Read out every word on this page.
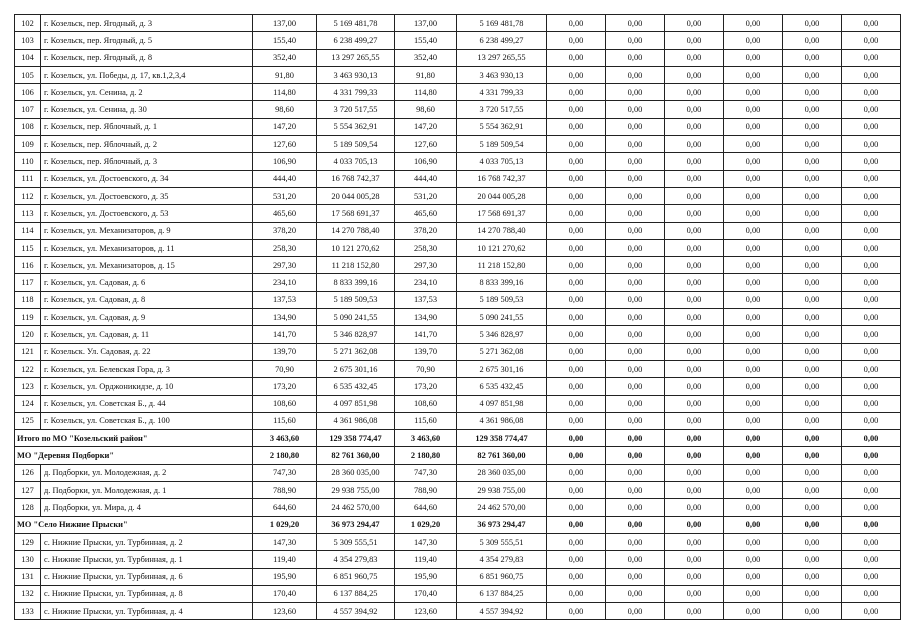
102	г. Козельск, пер. Ягодный, д. 3	137,00	5 169 481,78	137,00	5 169 481,78	0,00	0,00	0,00	0,00	0,00	0,00
103	г. Козельск, пер. Ягодный, д. 5	155,40	6 238 499,27	155,40	6 238 499,27	0,00	0,00	0,00	0,00	0,00	0,00
104	г. Козельск, пер. Ягодный, д. 8	352,40	13 297 265,55	352,40	13 297 265,55	0,00	0,00	0,00	0,00	0,00	0,00
105	г. Козельск, ул. Победы, д. 17, кв.1,2,3,4	91,80	3 463 930,13	91,80	3 463 930,13	0,00	0,00	0,00	0,00	0,00	0,00
106	г. Козельск, ул. Сенина, д. 2	114,80	4 331 799,33	114,80	4 331 799,33	0,00	0,00	0,00	0,00	0,00	0,00
107	г. Козельск, ул. Сенина, д. 30	98,60	3 720 517,55	98,60	3 720 517,55	0,00	0,00	0,00	0,00	0,00	0,00
108	г. Козельск, пер. Яблочный, д. 1	147,20	5 554 362,91	147,20	5 554 362,91	0,00	0,00	0,00	0,00	0,00	0,00
109	г. Козельск, пер. Яблочный, д. 2	127,60	5 189 509,54	127,60	5 189 509,54	0,00	0,00	0,00	0,00	0,00	0,00
110	г. Козельск, пер. Яблочный, д. 3	106,90	4 033 705,13	106,90	4 033 705,13	0,00	0,00	0,00	0,00	0,00	0,00
111	г. Козельск, ул. Достоевского, д. 34	444,40	16 768 742,37	444,40	16 768 742,37	0,00	0,00	0,00	0,00	0,00	0,00
112	г. Козельск, ул. Достоевского, д. 35	531,20	20 044 005,28	531,20	20 044 005,28	0,00	0,00	0,00	0,00	0,00	0,00
113	г. Козельск, ул. Достоевского, д. 53	465,60	17 568 691,37	465,60	17 568 691,37	0,00	0,00	0,00	0,00	0,00	0,00
114	г. Козельск, ул. Механизаторов, д. 9	378,20	14 270 788,40	378,20	14 270 788,40	0,00	0,00	0,00	0,00	0,00	0,00
115	г. Козельск, ул. Механизаторов, д. 11	258,30	10 121 270,62	258,30	10 121 270,62	0,00	0,00	0,00	0,00	0,00	0,00
116	г. Козельск, ул. Механизаторов, д. 15	297,30	11 218 152,80	297,30	11 218 152,80	0,00	0,00	0,00	0,00	0,00	0,00
117	г. Козельск, ул. Садовая, д. 6	234,10	8 833 399,16	234,10	8 833 399,16	0,00	0,00	0,00	0,00	0,00	0,00
118	г. Козельск, ул. Садовая, д. 8	137,53	5 189 509,53	137,53	5 189 509,53	0,00	0,00	0,00	0,00	0,00	0,00
119	г. Козельск, ул. Садовая, д. 9	134,90	5 090 241,55	134,90	5 090 241,55	0,00	0,00	0,00	0,00	0,00	0,00
120	г. Козельск, ул. Садовая, д. 11	141,70	5 346 828,97	141,70	5 346 828,97	0,00	0,00	0,00	0,00	0,00	0,00
121	г. Козельск. Ул. Садовая, д. 22	139,70	5 271 362,08	139,70	5 271 362,08	0,00	0,00	0,00	0,00	0,00	0,00
122	г. Козельск, ул. Белевская Гора, д. 3	70,90	2 675 301,16	70,90	2 675 301,16	0,00	0,00	0,00	0,00	0,00	0,00
123	г. Козельск, ул. Орджоникидзе, д. 10	173,20	6 535 432,45	173,20	6 535 432,45	0,00	0,00	0,00	0,00	0,00	0,00
124	г. Козельск, ул. Советская Б., д. 44	108,60	4 097 851,98	108,60	4 097 851,98	0,00	0,00	0,00	0,00	0,00	0,00
125	г. Козельск, ул. Советская Б., д. 100	115,60	4 361 986,08	115,60	4 361 986,08	0,00	0,00	0,00	0,00	0,00	0,00
Итого по МО "Козельский район"		3 463,60	129 358 774,47	3 463,60	129 358 774,47	0,00	0,00	0,00	0,00	0,00	0,00
МО "Деревня Подборки"		2 180,80	82 761 360,00	2 180,80	82 761 360,00	0,00	0,00	0,00	0,00	0,00	0,00
126	д. Подборки, ул. Молодежная, д. 2	747,30	28 360 035,00	747,30	28 360 035,00	0,00	0,00	0,00	0,00	0,00	0,00
127	д. Подборки, ул. Молодежная, д. 1	788,90	29 938 755,00	788,90	29 938 755,00	0,00	0,00	0,00	0,00	0,00	0,00
128	д. Подборки, ул. Мира, д. 4	644,60	24 462 570,00	644,60	24 462 570,00	0,00	0,00	0,00	0,00	0,00	0,00
МО "Село Нижние Прыски"		1 029,20	36 973 294,47	1 029,20	36 973 294,47	0,00	0,00	0,00	0,00	0,00	0,00
129	с. Нижние Прыски, ул. Турбинная, д. 2	147,30	5 309 555,51	147,30	5 309 555,51	0,00	0,00	0,00	0,00	0,00	0,00
130	с. Нижние Прыски, ул. Турбинная, д. 1	119,40	4 354 279,83	119,40	4 354 279,83	0,00	0,00	0,00	0,00	0,00	0,00
131	с. Нижние Прыски, ул. Турбинная, д. 6	195,90	6 851 960,75	195,90	6 851 960,75	0,00	0,00	0,00	0,00	0,00	0,00
132	с. Нижние Прыски, ул. Турбинная, д. 8	170,40	6 137 884,25	170,40	6 137 884,25	0,00	0,00	0,00	0,00	0,00	0,00
133	с. Нижние Прыски, ул. Турбинная, д. 4	123,60	4 557 394,92	123,60	4 557 394,92	0,00	0,00	0,00	0,00	0,00	0,00
